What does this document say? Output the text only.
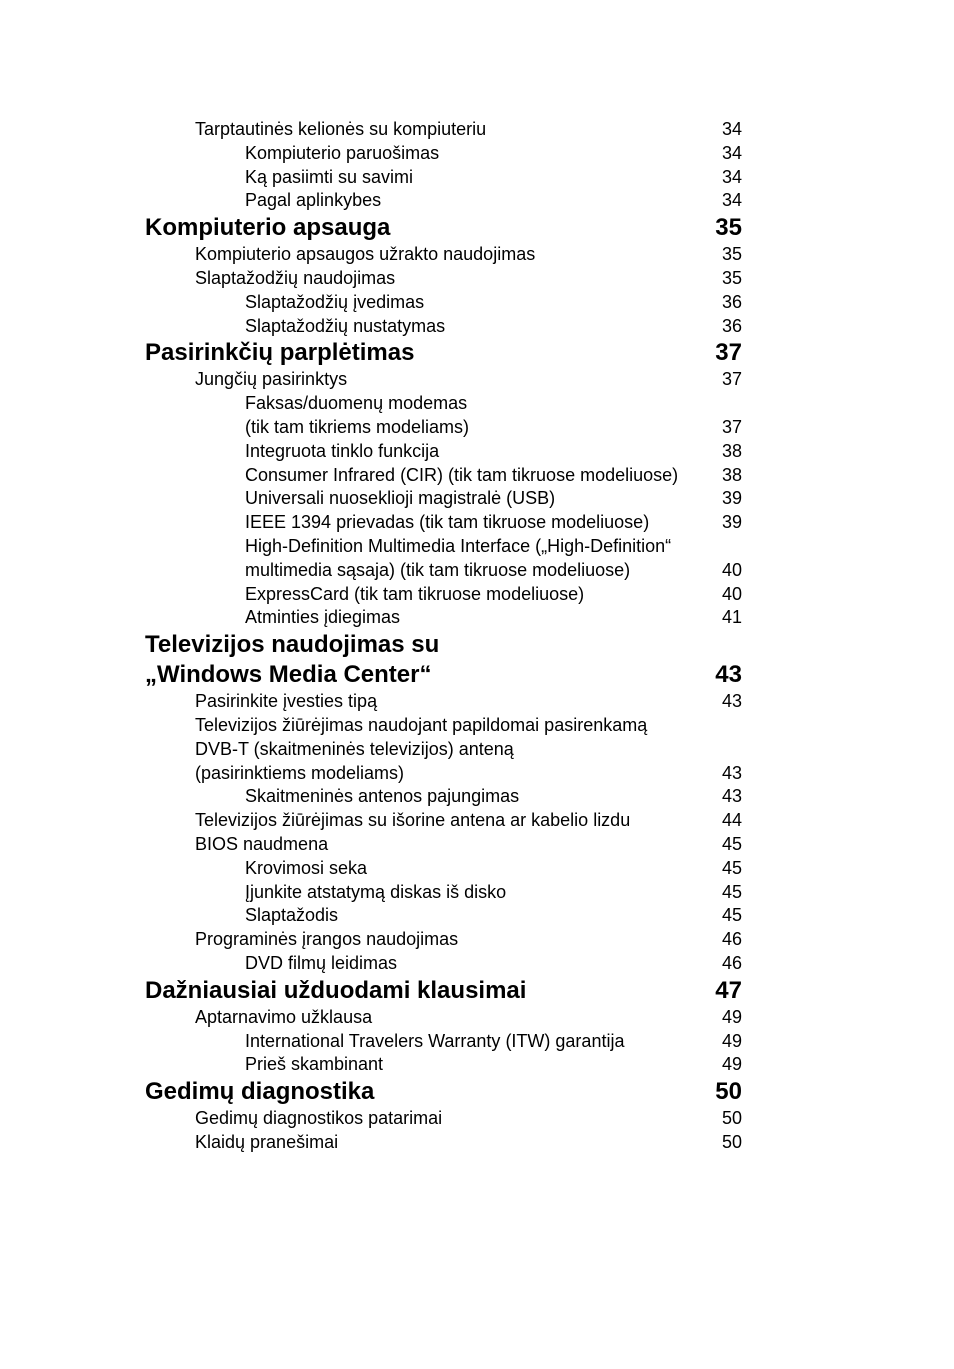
Tarptautinės kelionės su kompiuteriu	34
Kompiuterio paruošimas	34
Ką pasiimti su savimi	34
Pagal aplinkybes	34
Kompiuterio apsauga	35
Kompiuterio apsaugos užrakto naudojimas	35
Slaptažodžių naudojimas	35
Slaptažodžių įvedimas	36
Slaptažodžių nustatymas	36
Pasirinkčių parplėtimas	37
Jungčių pasirinktys	37
Faksas/duomenų modemas
(tik tam tikriems modeliams)	37
Integruota tinklo funkcija	38
Consumer Infrared (CIR) (tik tam tikruose modeliuose) 38
Universali nuoseklioji magistralė (USB)	39
IEEE 1394 prievadas (tik tam tikruose modeliuose)	39
High-Definition Multimedia Interface („High-Definition“
multimedia sąsaja) (tik tam tikruose modeliuose)	40
ExpressCard (tik tam tikruose modeliuose)	40
Atminties įdiegimas	41
Televizijos naudojimas su
„Windows Media Center“	43
Pasirinkite įvesties tipą	43
Televizijos žiūrėjimas naudojant papildomai pasirenkamą
DVB-T (skaitmeninės televizijos) anteną
(pasirinktiems modeliams)	43
Skaitmeninės antenos pajungimas	43
Televizijos žiūrėjimas su išorine antena ar kabelio lizdu	44
BIOS naudmena	45
Krovimosi seka	45
Įjunkite atstatymą diskas iš disko	45
Slaptažodis	45
Programinės įrangos naudojimas	46
DVD filmų leidimas	46
Dažniausiai užduodami klausimai	47
Aptarnavimo užklausa	49
International Travelers Warranty (ITW) garantija	49
Prieš skambinant	49
Gedimų diagnostika	50
Gedimų diagnostikos patarimai	50
Klaidų pranešimai	50
